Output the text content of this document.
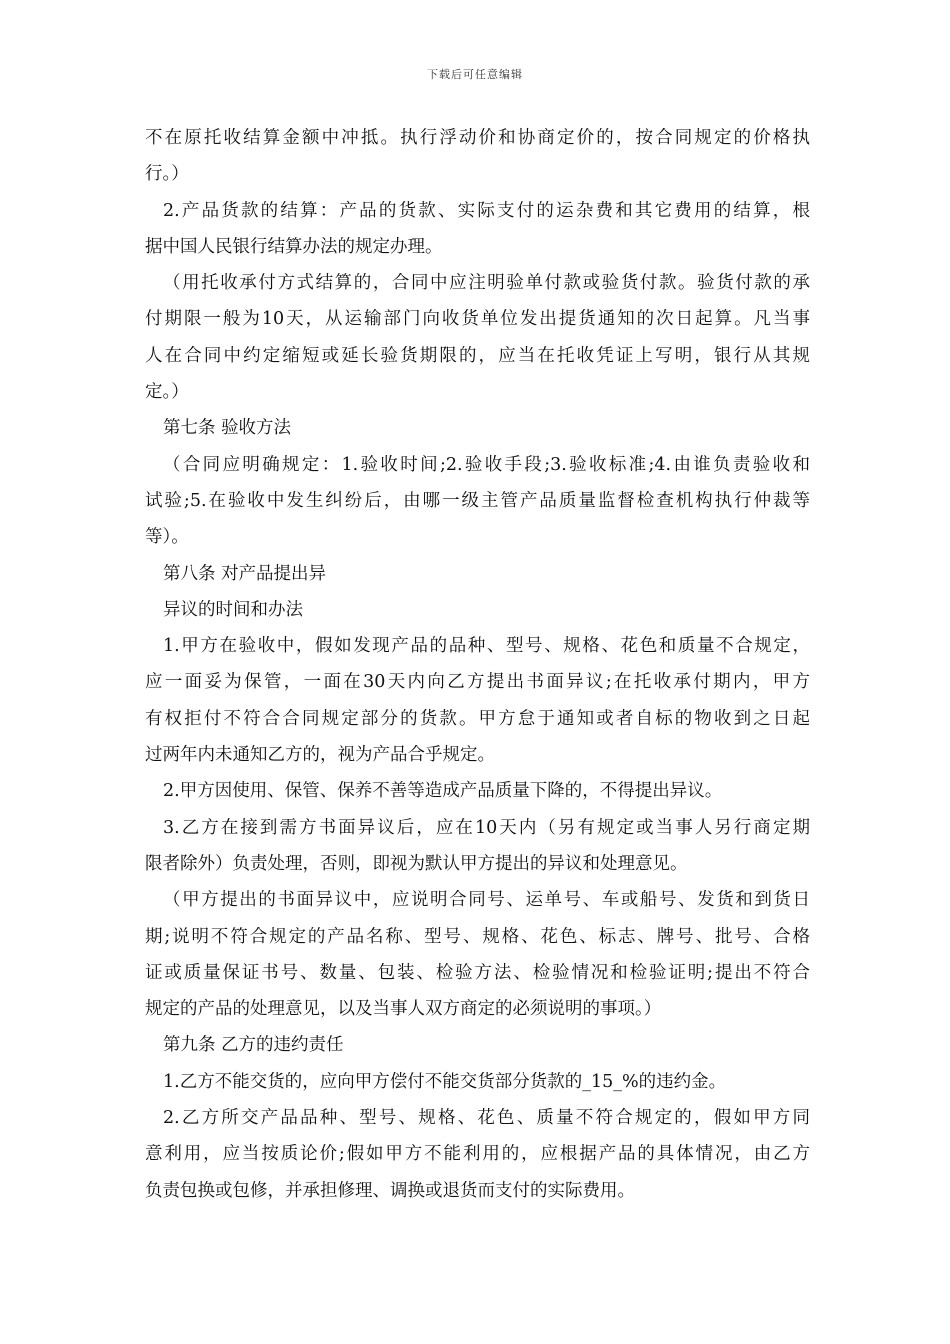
下载后可任意编辑
不在原托收结算金额中冲抵。执行浮动价和协商定价的，按合同规定的价格执
行。）
2.产品货款的结算：产品的货款、实际支付的运杂费和其它费用的结算，根
据中国人民银行结算办法的规定办理。
（用托收承付方式结算的，合同中应注明验单付款或验货付款。验货付款的承
付期限一般为10天，从运输部门向收货单位发出提货通知的次日起算。凡当事
人在合同中约定缩短或延长验货期限的，应当在托收凭证上写明，银行从其规
定。）
第七条 验收方法
（合同应明确规定：1.验收时间;2.验收手段;3.验收标准;4.由谁负责验收和
试验;5.在验收中发生纠纷后，由哪一级主管产品质量监督检查机构执行仲裁等
等）。
第八条 对产品提出异
异议的时间和办法
1.甲方在验收中，假如发现产品的品种、型号、规格、花色和质量不合规定，
应一面妥为保管，一面在30天内向乙方提出书面异议;在托收承付期内，甲方
有权拒付不符合合同规定部分的货款。甲方怠于通知或者自标的物收到之日起
过两年内未通知乙方的，视为产品合乎规定。
2.甲方因使用、保管、保养不善等造成产品质量下降的，不得提出异议。
3.乙方在接到需方书面异议后，应在10天内（另有规定或当事人另行商定期
限者除外）负责处理，否则，即视为默认甲方提出的异议和处理意见。
（甲方提出的书面异议中，应说明合同号、运单号、车或船号、发货和到货日
期;说明不符合规定的产品名称、型号、规格、花色、标志、牌号、批号、合格
证或质量保证书号、数量、包装、检验方法、检验情况和检验证明;提出不符合
规定的产品的处理意见，以及当事人双方商定的必须说明的事项。）
第九条 乙方的违约责任
1.乙方不能交货的，应向甲方偿付不能交货部分货款的_15_%的违约金。
2.乙方所交产品品种、型号、规格、花色、质量不符合规定的，假如甲方同
意利用，应当按质论价;假如甲方不能利用的，应根据产品的具体情况，由乙方
负责包换或包修，并承担修理、调换或退货而支付的实际费用。
